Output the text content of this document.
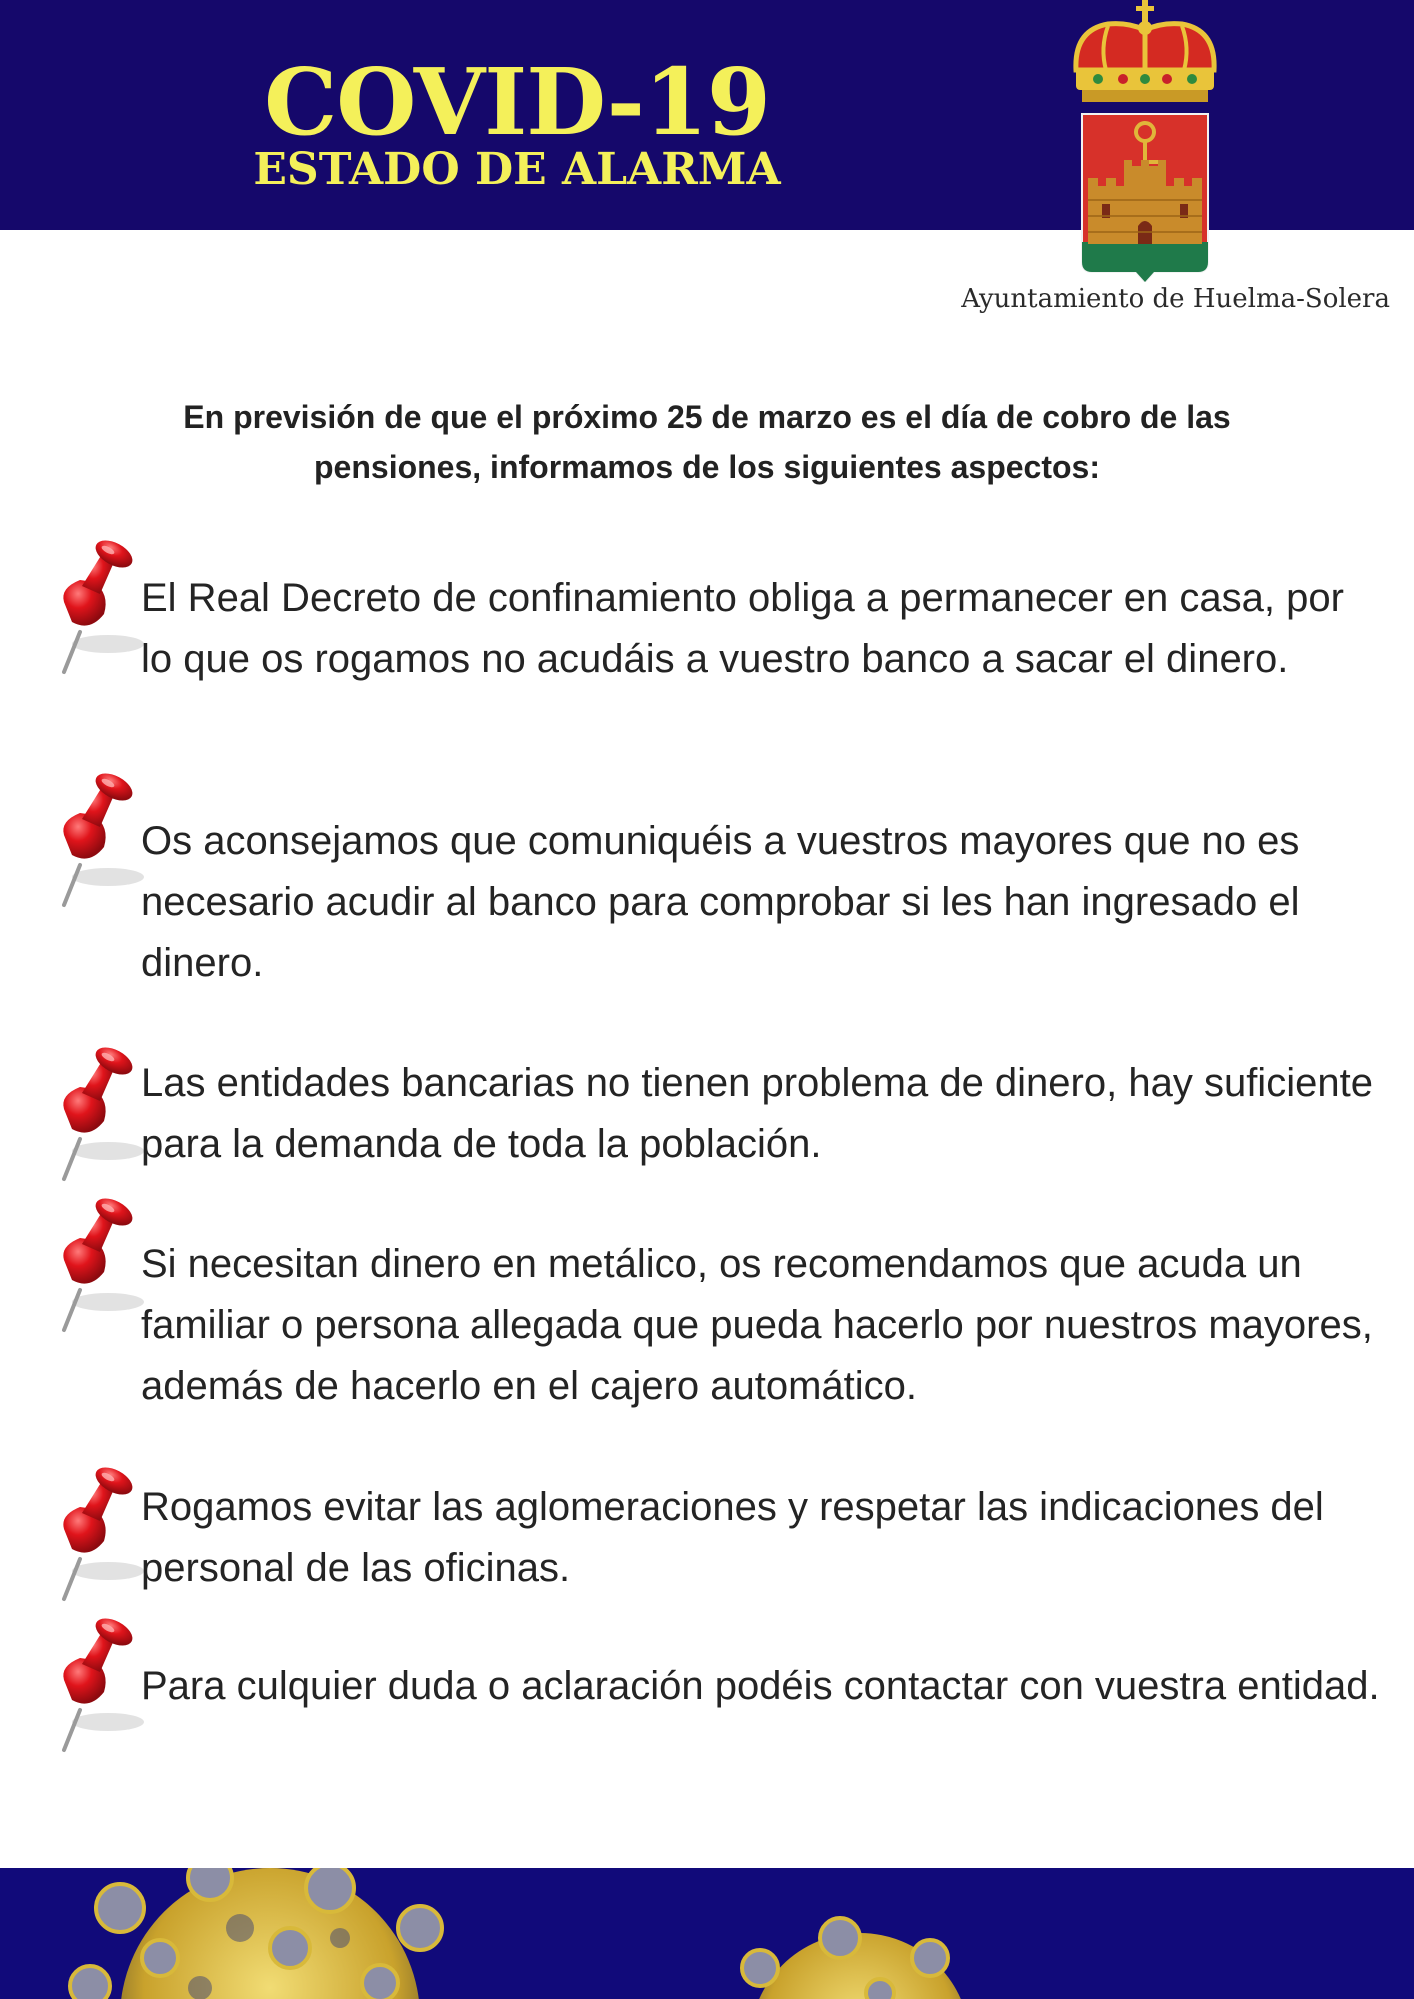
COVID-19
ESTADO DE ALARMA
Ayuntamiento de Huelma-Solera
En previsión de que el próximo 25 de marzo es el día de cobro de las pensiones, informamos de los siguientes aspectos:
El Real Decreto de confinamiento obliga a permanecer en casa, por lo que os rogamos no acudáis a vuestro banco a sacar el dinero.
Os aconsejamos que comuniquéis a vuestros mayores que no es necesario acudir al banco para comprobar si les han ingresado el dinero.
Las entidades bancarias no tienen problema de dinero, hay suficiente para la demanda de toda la población.
Si necesitan dinero en metálico, os recomendamos que acuda un familiar o persona allegada que pueda hacerlo por nuestros mayores, además de hacerlo en el cajero automático.
Rogamos evitar las aglomeraciones y respetar las indicaciones del personal de las oficinas.
Para culquier duda o aclaración podéis contactar con vuestra entidad.
